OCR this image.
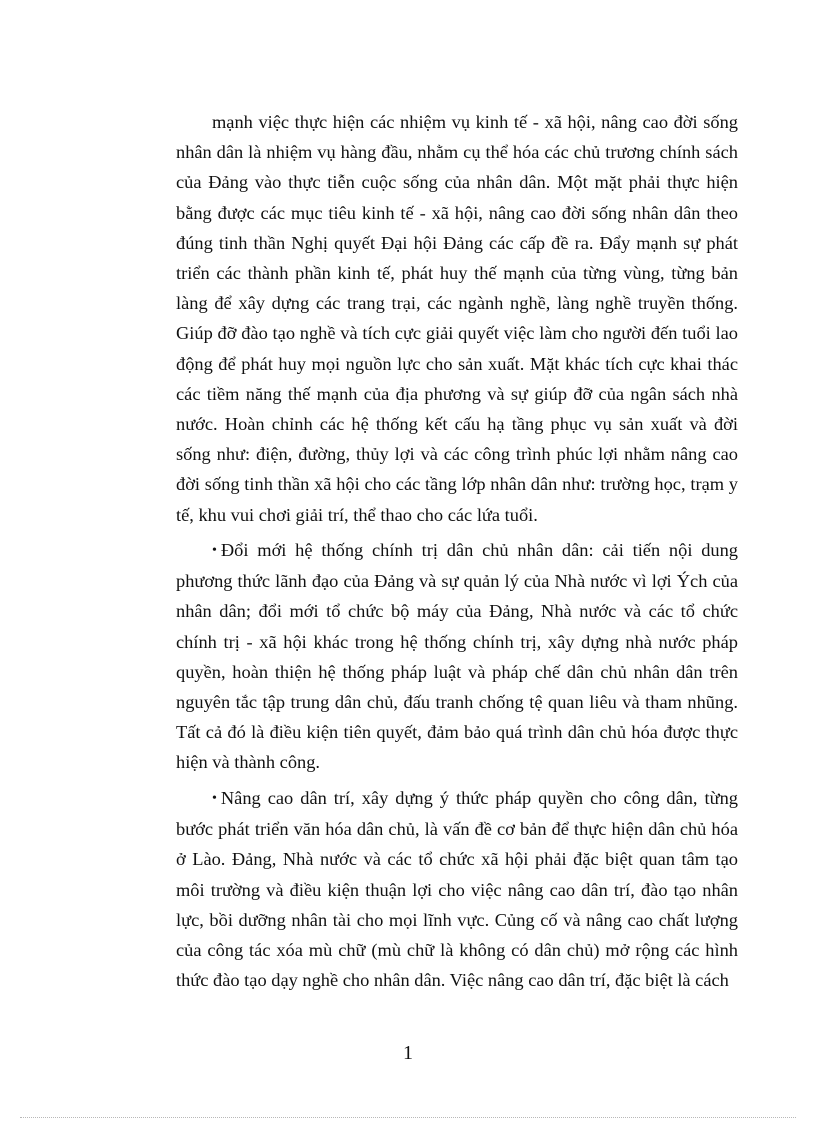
mạnh việc thực hiện các nhiệm vụ kinh tế - xã hội, nâng cao đời sống nhân dân là nhiệm vụ hàng đầu, nhằm cụ thể hóa các chủ trương chính sách của Đảng vào thực tiễn cuộc sống của nhân dân. Một mặt phải thực hiện bằng được các mục tiêu kinh tế - xã hội, nâng cao đời sống nhân dân theo đúng tinh thần Nghị quyết Đại hội Đảng các cấp đề ra. Đẩy mạnh sự phát triển các thành phần kinh tế, phát huy thế mạnh của từng vùng, từng bản làng để xây dựng các trang trại, các ngành nghề, làng nghề truyền thống. Giúp đỡ đào tạo nghề và tích cực giải quyết việc làm cho người đến tuổi lao động để phát huy mọi nguồn lực cho sản xuất. Mặt khác tích cực khai thác các tiềm năng thế mạnh của địa phương và sự giúp đỡ của ngân sách nhà nước. Hoàn chỉnh các hệ thống kết cấu hạ tầng phục vụ sản xuất và đời sống như: điện, đường, thủy lợi và các công trình phúc lợi nhằm nâng cao đời sống tinh thần xã hội cho các tầng lớp nhân dân như: trường học, trạm y tế, khu vui chơi giải trí, thể thao cho các lứa tuổi.

• Đổi mới hệ thống chính trị dân chủ nhân dân: cải tiến nội dung phương thức lãnh đạo của Đảng và sự quản lý của Nhà nước vì lợi Ých của nhân dân; đổi mới tổ chức bộ máy của Đảng, Nhà nước và các tổ chức chính trị - xã hội khác trong hệ thống chính trị, xây dựng nhà nước pháp quyền, hoàn thiện hệ thống pháp luật và pháp chế dân chủ nhân dân trên nguyên tắc tập trung dân chủ, đấu tranh chống tệ quan liêu và tham nhũng. Tất cả đó là điều kiện tiên quyết, đảm bảo quá trình dân chủ hóa được thực hiện và thành công.

• Nâng cao dân trí, xây dựng ý thức pháp quyền cho công dân, từng bước phát triển văn hóa dân chủ, là vấn đề cơ bản để thực hiện dân chủ hóa ở Lào. Đảng, Nhà nước và các tổ chức xã hội phải đặc biệt quan tâm tạo môi trường và điều kiện thuận lợi cho việc nâng cao dân trí, đào tạo nhân lực, bồi dưỡng nhân tài cho mọi lĩnh vực. Củng cố và nâng cao chất lượng của công tác xóa mù chữ (mù chữ là không có dân chủ) mở rộng các hình thức đào tạo dạy nghề cho nhân dân. Việc nâng cao dân trí, đặc biệt là cách

1
